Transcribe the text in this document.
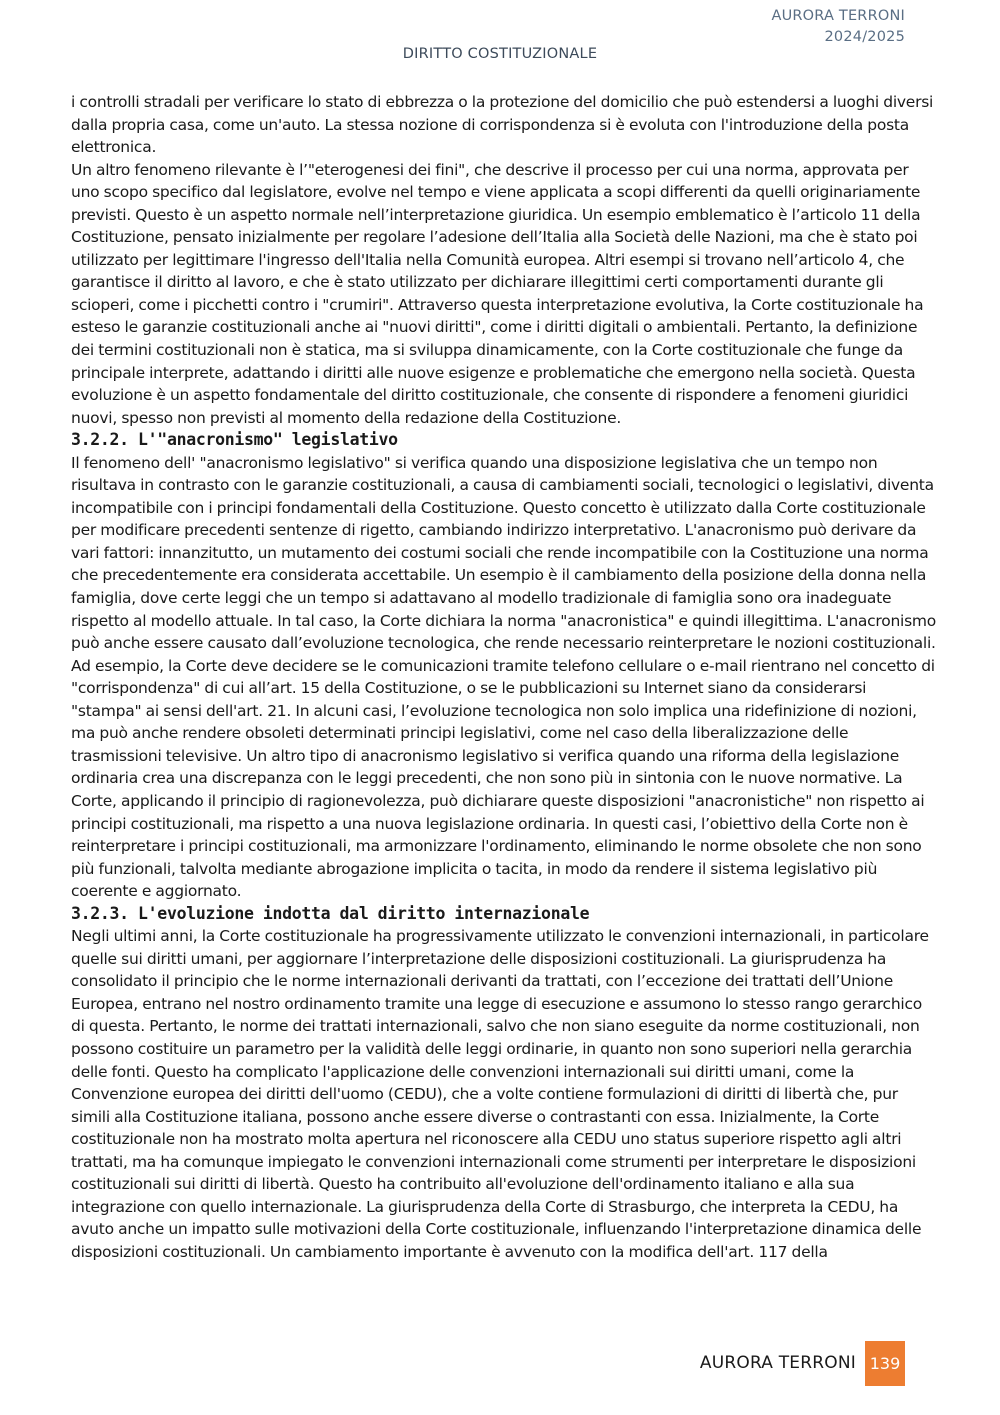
AURORA TERRONI
2024/2025
DIRITTO COSTITUZIONALE

i controlli stradali per verificare lo stato di ebbrezza o la protezione del domicilio che può estendersi a luoghi diversi dalla propria casa, come un'auto. La stessa nozione di corrispondenza si è evoluta con l'introduzione della posta elettronica.

Un altro fenomeno rilevante è l’"eterogenesi dei fini", che descrive il processo per cui una norma, approvata per uno scopo specifico dal legislatore, evolve nel tempo e viene applicata a scopi differenti da quelli originariamente previsti. Questo è un aspetto normale nell’interpretazione giuridica. Un esempio emblematico è l’articolo 11 della Costituzione, pensato inizialmente per regolare l’adesione dell’Italia alla Società delle Nazioni, ma che è stato poi utilizzato per legittimare l'ingresso dell'Italia nella Comunità europea. Altri esempi si trovano nell’articolo 4, che garantisce il diritto al lavoro, e che è stato utilizzato per dichiarare illegittimi certi comportamenti durante gli scioperi, come i picchetti contro i "crumiri". Attraverso questa interpretazione evolutiva, la Corte costituzionale ha esteso le garanzie costituzionali anche ai "nuovi diritti", come i diritti digitali o ambientali. Pertanto, la definizione dei termini costituzionali non è statica, ma si sviluppa dinamicamente, con la Corte costituzionale che funge da principale interprete, adattando i diritti alle nuove esigenze e problematiche che emergono nella società. Questa evoluzione è un aspetto fondamentale del diritto costituzionale, che consente di rispondere a fenomeni giuridici nuovi, spesso non previsti al momento della redazione della Costituzione.

3.2.2. L'"anacronismo" legislativo

Il fenomeno dell' "anacronismo legislativo" si verifica quando una disposizione legislativa che un tempo non risultava in contrasto con le garanzie costituzionali, a causa di cambiamenti sociali, tecnologici o legislativi, diventa incompatibile con i principi fondamentali della Costituzione. Questo concetto è utilizzato dalla Corte costituzionale per modificare precedenti sentenze di rigetto, cambiando indirizzo interpretativo. L'anacronismo può derivare da vari fattori: innanzitutto, un mutamento dei costumi sociali che rende incompatibile con la Costituzione una norma che precedentemente era considerata accettabile. Un esempio è il cambiamento della posizione della donna nella famiglia, dove certe leggi che un tempo si adattavano al modello tradizionale di famiglia sono ora inadeguate rispetto al modello attuale. In tal caso, la Corte dichiara la norma "anacronistica" e quindi illegittima. L'anacronismo può anche essere causato dall’evoluzione tecnologica, che rende necessario reinterpretare le nozioni costituzionali. Ad esempio, la Corte deve decidere se le comunicazioni tramite telefono cellulare o e-mail rientrano nel concetto di "corrispondenza" di cui all’art. 15 della Costituzione, o se le pubblicazioni su Internet siano da considerarsi "stampa" ai sensi dell'art. 21. In alcuni casi, l’evoluzione tecnologica non solo implica una ridefinizione di nozioni, ma può anche rendere obsoleti determinati principi legislativi, come nel caso della liberalizzazione delle trasmissioni televisive. Un altro tipo di anacronismo legislativo si verifica quando una riforma della legislazione ordinaria crea una discrepanza con le leggi precedenti, che non sono più in sintonia con le nuove normative. La Corte, applicando il principio di ragionevolezza, può dichiarare queste disposizioni "anacronistiche" non rispetto ai principi costituzionali, ma rispetto a una nuova legislazione ordinaria. In questi casi, l’obiettivo della Corte non è reinterpretare i principi costituzionali, ma armonizzare l'ordinamento, eliminando le norme obsolete che non sono più funzionali, talvolta mediante abrogazione implicita o tacita, in modo da rendere il sistema legislativo più coerente e aggiornato.

3.2.3. L'evoluzione indotta dal diritto internazionale

Negli ultimi anni, la Corte costituzionale ha progressivamente utilizzato le convenzioni internazionali, in particolare quelle sui diritti umani, per aggiornare l’interpretazione delle disposizioni costituzionali. La giurisprudenza ha consolidato il principio che le norme internazionali derivanti da trattati, con l’eccezione dei trattati dell’Unione Europea, entrano nel nostro ordinamento tramite una legge di esecuzione e assumono lo stesso rango gerarchico di questa. Pertanto, le norme dei trattati internazionali, salvo che non siano eseguite da norme costituzionali, non possono costituire un parametro per la validità delle leggi ordinarie, in quanto non sono superiori nella gerarchia delle fonti. Questo ha complicato l'applicazione delle convenzioni internazionali sui diritti umani, come la Convenzione europea dei diritti dell'uomo (CEDU), che a volte contiene formulazioni di diritti di libertà che, pur simili alla Costituzione italiana, possono anche essere diverse o contrastanti con essa. Inizialmente, la Corte costituzionale non ha mostrato molta apertura nel riconoscere alla CEDU uno status superiore rispetto agli altri trattati, ma ha comunque impiegato le convenzioni internazionali come strumenti per interpretare le disposizioni costituzionali sui diritti di libertà. Questo ha contribuito all'evoluzione dell'ordinamento italiano e alla sua integrazione con quello internazionale. La giurisprudenza della Corte di Strasburgo, che interpreta la CEDU, ha avuto anche un impatto sulle motivazioni della Corte costituzionale, influenzando l'interpretazione dinamica delle disposizioni costituzionali. Un cambiamento importante è avvenuto con la modifica dell'art. 117 della

AURORA TERRONI 139
